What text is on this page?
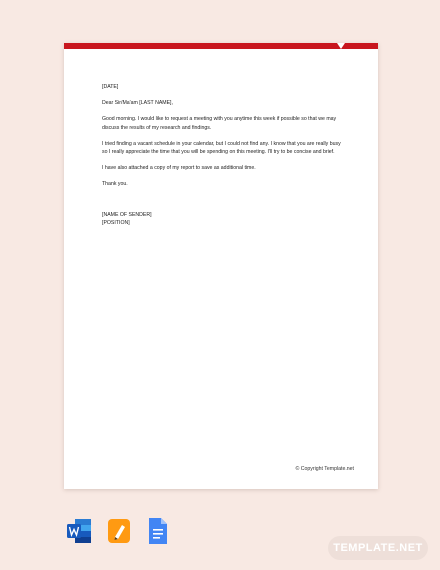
[DATE]

Dear Sir/Ma'am [LAST NAME],

Good morning. I would like to request a meeting with you anytime this week if possible so that we may discuss the results of my research and findings.

I tried finding a vacant schedule in your calendar, but I could not find any. I know that you are really busy so I really appreciate the time that you will be spending on this meeting. I'll try to be concise and brief.

I have also attached a copy of my report to save as additional time.

Thank you.

[NAME OF SENDER]
[POSITION]
© Copyright Template.net
TEMPLATE.NET
